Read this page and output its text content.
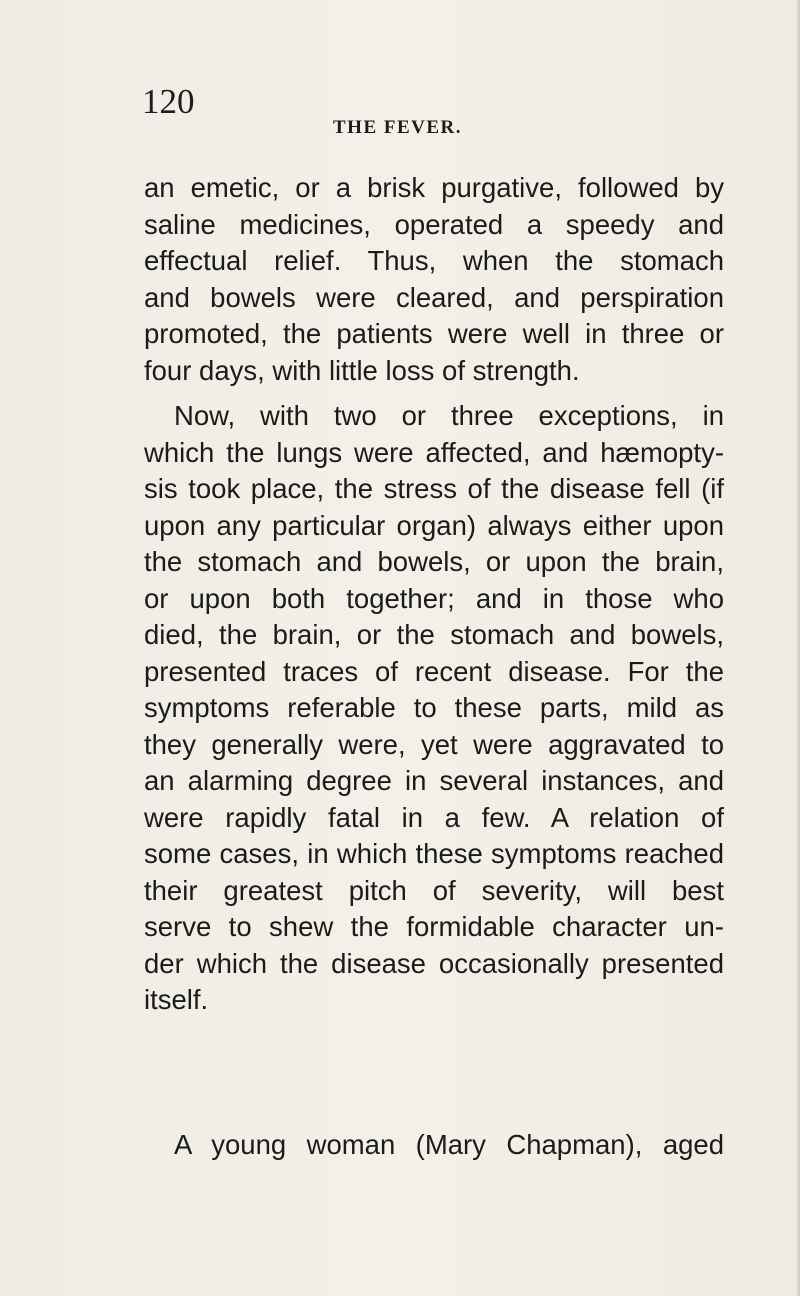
120
THE FEVER.
an emetic, or a brisk purgative, followed by
saline medicines, operated a speedy and
effectual relief. Thus, when the stomach
and bowels were cleared, and perspiration
promoted, the patients were well in three or
four days, with little loss of strength.
Now, with two or three exceptions, in
which the lungs were affected, and hæmopty-
sis took place, the stress of the disease fell (if
upon any particular organ) always either upon
the stomach and bowels, or upon the brain,
or upon both together; and in those who
died, the brain, or the stomach and bowels,
presented traces of recent disease. For the
symptoms referable to these parts, mild as
they generally were, yet were aggravated to
an alarming degree in several instances, and
were rapidly fatal in a few. A relation of
some cases, in which these symptoms reached
their greatest pitch of severity, will best
serve to shew the formidable character un-
der which the disease occasionally presented
itself.
A young woman (Mary Chapman), aged
